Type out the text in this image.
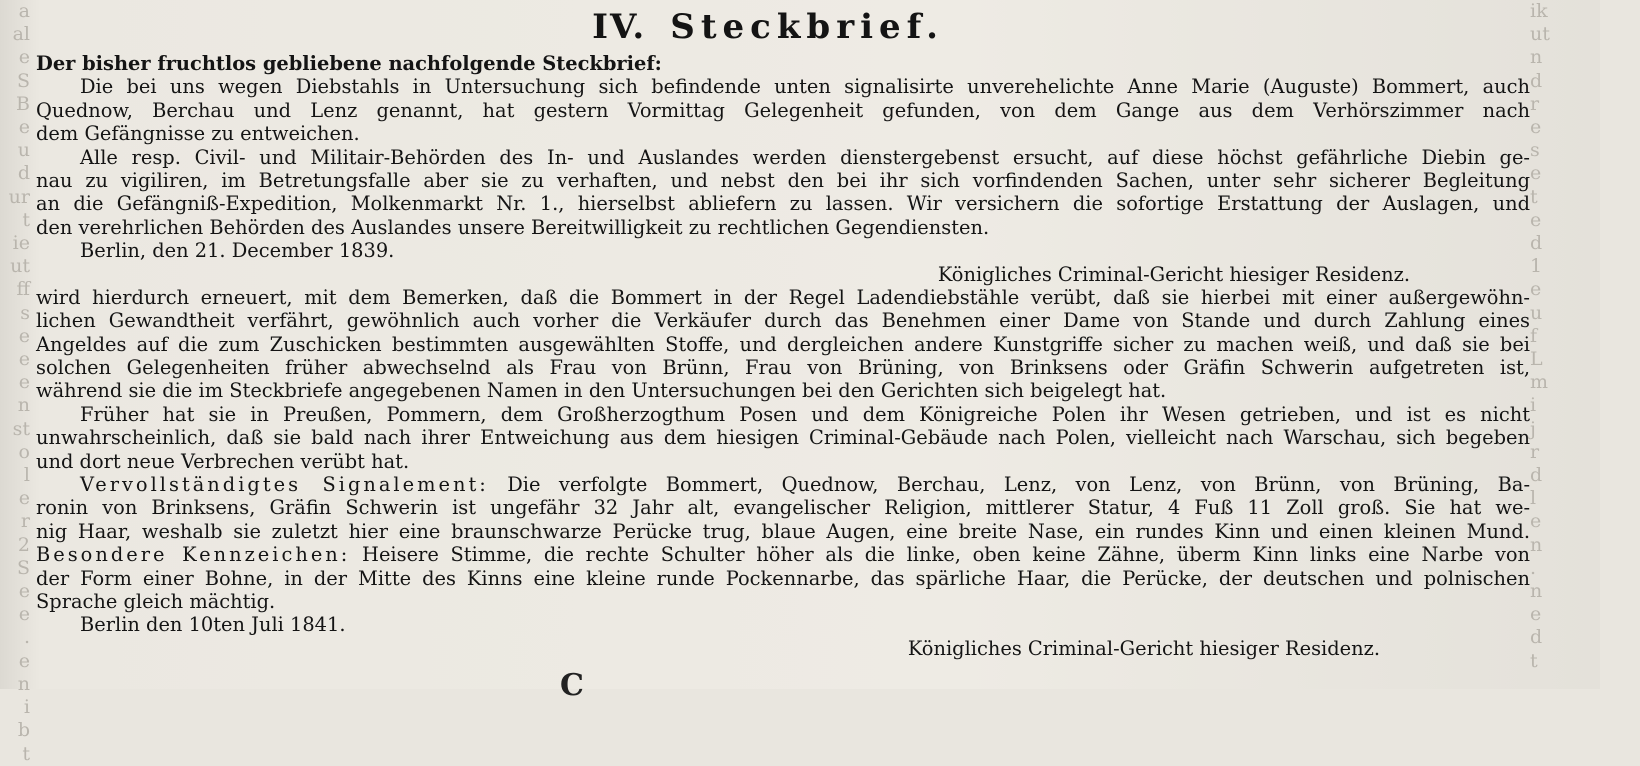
a
al
e
S
B
e
u
d
ur
t
ie
ut
ff
s
e
e
e
n
st
o
l
e
r
2
S
e
e
.
e
n
i
b
t
ik
ut
n
d
r
e
s
e
t
e
d
1
e
u
f
L
m
i
j
r
d
l
e
n
.
n
e
d
t
IV. Steckbrief.
Der bisher fruchtlos gebliebene nachfolgende Steckbrief:
Die bei uns wegen Diebstahls in Untersuchung sich befindende unten signalisirte unverehelichte Anne Marie (Auguste) Bommert, auch
Quednow, Berchau und Lenz genannt, hat gestern Vormittag Gelegenheit gefunden, von dem Gange aus dem Verhörszimmer nach
dem Gefängnisse zu entweichen.
Alle resp. Civil- und Militair-Behörden des In- und Auslandes werden dienstergebenst ersucht, auf diese höchst gefährliche Diebin ge-
nau zu vigiliren, im Betretungsfalle aber sie zu verhaften, und nebst den bei ihr sich vorfindenden Sachen, unter sehr sicherer Begleitung
an die Gefängniß-Expedition, Molkenmarkt Nr. 1., hierselbst abliefern zu lassen. Wir versichern die sofortige Erstattung der Auslagen, und
den verehrlichen Behörden des Auslandes unsere Bereitwilligkeit zu rechtlichen Gegendiensten.
Berlin, den 21. December 1839.
Königliches Criminal-Gericht hiesiger Residenz.
wird hierdurch erneuert, mit dem Bemerken, daß die Bommert in der Regel Ladendiebstähle verübt, daß sie hierbei mit einer außergewöhn-
lichen Gewandtheit verfährt, gewöhnlich auch vorher die Verkäufer durch das Benehmen einer Dame von Stande und durch Zahlung eines
Angeldes auf die zum Zuschicken bestimmten ausgewählten Stoffe, und dergleichen andere Kunstgriffe sicher zu machen weiß, und daß sie bei
solchen Gelegenheiten früher abwechselnd als Frau von Brünn, Frau von Brüning, von Brinksens oder Gräfin Schwerin aufgetreten ist,
während sie die im Steckbriefe angegebenen Namen in den Untersuchungen bei den Gerichten sich beigelegt hat.
Früher hat sie in Preußen, Pommern, dem Großherzogthum Posen und dem Königreiche Polen ihr Wesen getrieben, und ist es nicht
unwahrscheinlich, daß sie bald nach ihrer Entweichung aus dem hiesigen Criminal-Gebäude nach Polen, vielleicht nach Warschau, sich begeben
und dort neue Verbrechen verübt hat.
Vervollständigtes Signalement: Die verfolgte Bommert, Quednow, Berchau, Lenz, von Lenz, von Brünn, von Brüning, Ba-
ronin von Brinksens, Gräfin Schwerin ist ungefähr 32 Jahr alt, evangelischer Religion, mittlerer Statur, 4 Fuß 11 Zoll groß. Sie hat we-
nig Haar, weshalb sie zuletzt hier eine braunschwarze Perücke trug, blaue Augen, eine breite Nase, ein rundes Kinn und einen kleinen Mund.
Besondere Kennzeichen: Heisere Stimme, die rechte Schulter höher als die linke, oben keine Zähne, überm Kinn links eine Narbe von
der Form einer Bohne, in der Mitte des Kinns eine kleine runde Pockennarbe, das spärliche Haar, die Perücke, der deutschen und polnischen
Sprache gleich mächtig.
Berlin den 10ten Juli 1841.
Königliches Criminal-Gericht hiesiger Residenz.
C
